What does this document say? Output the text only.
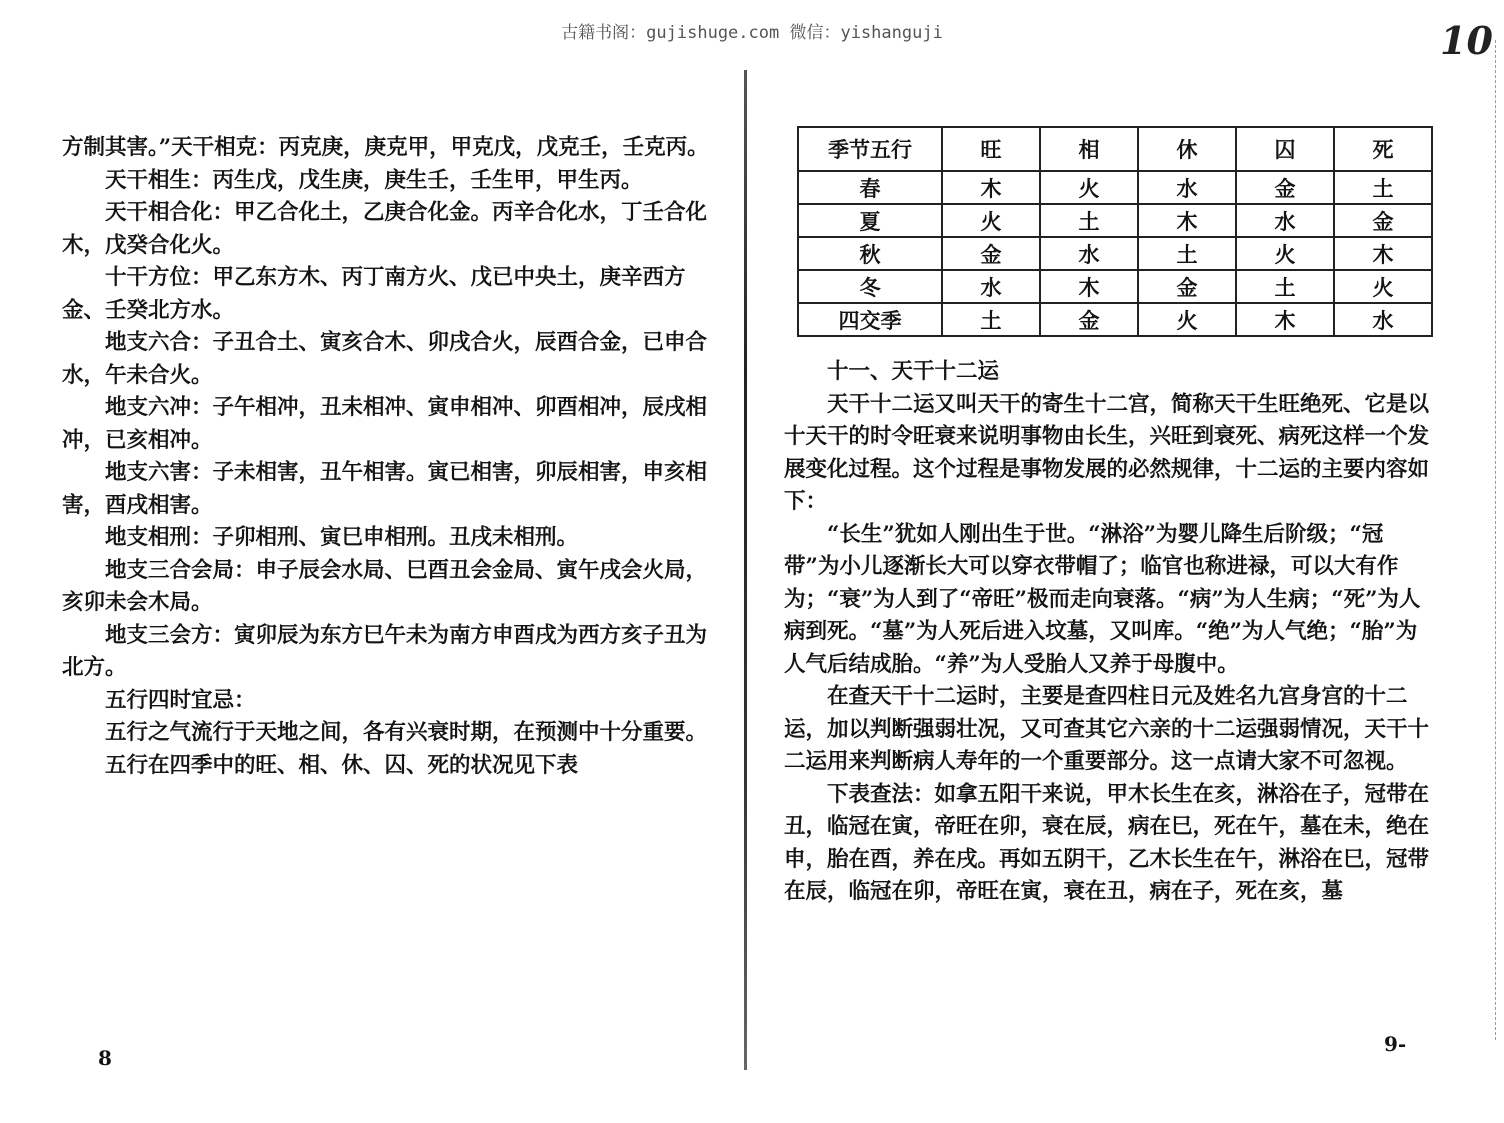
古籍书阁：gujishuge.com 微信：yishanguji	10

方制其害。”天干相克：丙克庚，庚克甲，甲克戊，戊克壬，壬克丙。

天干相生：丙生戊，戊生庚，庚生壬，壬生甲，甲生丙。

天干相合化：甲乙合化土，乙庚合化金。丙辛合化水，丁壬合化木，戊癸合化火。

十干方位：甲乙东方木、丙丁南方火、戊已中央土，庚辛西方金、壬癸北方水。

地支六合：子丑合土、寅亥合木、卯戌合火，辰酉合金，已申合水，午未合火。

地支六冲：子午相冲，丑未相冲、寅申相冲、卯酉相冲，辰戌相冲，已亥相冲。

地支六害：子未相害，丑午相害。寅已相害，卯辰相害，申亥相害，酉戌相害。

地支相刑：子卯相刑、寅巳申相刑。丑戌未相刑。

地支三合会局：申子辰会水局、巳酉丑会金局、寅午戌会火局，亥卯未会木局。

地支三会方：寅卯辰为东方巳午未为南方申酉戌为西方亥子丑为北方。

五行四时宜忌：

五行之气流行于天地之间，各有兴衰时期，在预测中十分重要。

五行在四季中的旺、相、休、囚、死的状况见下表

8
季节五行	旺	相	休	囚	死
春	木	火	水	金	土
夏	火	土	木	水	金
秋	金	水	土	火	木
冬	水	木	金	土	火
四交季	土	金	火	木	水

十一、天干十二运

天干十二运又叫天干的寄生十二宫，简称天干生旺绝死、它是以十天干的时令旺衰来说明事物由长生，兴旺到衰死、病死这样一个发展变化过程。这个过程是事物发展的必然规律，十二运的主要内容如下：

“长生”犹如人刚出生于世。“淋浴”为婴儿降生后阶级；“冠带”为小儿逐渐长大可以穿衣带帽了；临官也称进禄，可以大有作为；“衰”为人到了“帝旺”极而走向衰落。“病”为人生病；“死”为人病到死。“墓”为人死后进入坟墓，又叫库。“绝”为人气绝；“胎”为人气后结成胎。“养”为人受胎人又养于母腹中。

在查天干十二运时，主要是查四柱日元及姓名九宫身宫的十二运，加以判断强弱壮况，又可查其它六亲的十二运强弱情况，天干十二运用来判断病人寿年的一个重要部分。这一点请大家不可忽视。

下表查法：如拿五阳干来说，甲木长生在亥，淋浴在子，冠带在丑，临冠在寅，帝旺在卯，衰在辰，病在巳，死在午，墓在未，绝在申，胎在酉，养在戌。再如五阴干，乙木长生在午，淋浴在巳，冠带在辰，临冠在卯，帝旺在寅，衰在丑，病在子，死在亥，墓

9-
